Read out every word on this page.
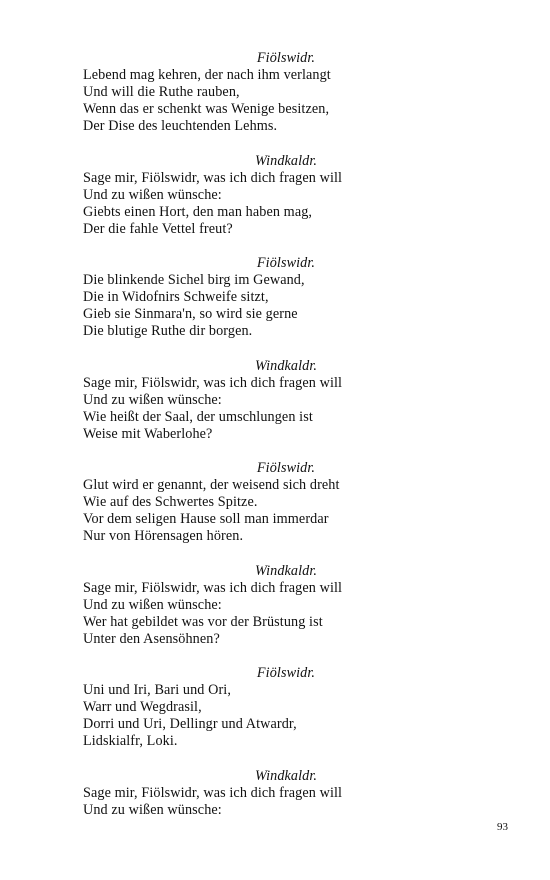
Fiölswidr.
Lebend mag kehren, der nach ihm verlangt
Und will die Ruthe rauben,
Wenn das er schenkt was Wenige besitzen,
Der Dise des leuchtenden Lehms.
Windkaldr.
Sage mir, Fiölswidr, was ich dich fragen will
Und zu wißen wünsche:
Giebts einen Hort, den man haben mag,
Der die fahle Vettel freut?
Fiölswidr.
Die blinkende Sichel birg im Gewand,
Die in Widofnirs Schweife sitzt,
Gieb sie Sinmara'n, so wird sie gerne
Die blutige Ruthe dir borgen.
Windkaldr.
Sage mir, Fiölswidr, was ich dich fragen will
Und zu wißen wünsche:
Wie heißt der Saal, der umschlungen ist
Weise mit Waberlohe?
Fiölswidr.
Glut wird er genannt, der weisend sich dreht
Wie auf des Schwertes Spitze.
Vor dem seligen Hause soll man immerdar
Nur von Hörensagen hören.
Windkaldr.
Sage mir, Fiölswidr, was ich dich fragen will
Und zu wißen wünsche:
Wer hat gebildet was vor der Brüstung ist
Unter den Asensöhnen?
Fiölswidr.
Uni und Iri, Bari und Ori,
Warr und Wegdrasil,
Dorri und Uri, Dellingr und Atwardr,
Lidskialfr, Loki.
Windkaldr.
Sage mir, Fiölswidr, was ich dich fragen will
Und zu wißen wünsche:
93
